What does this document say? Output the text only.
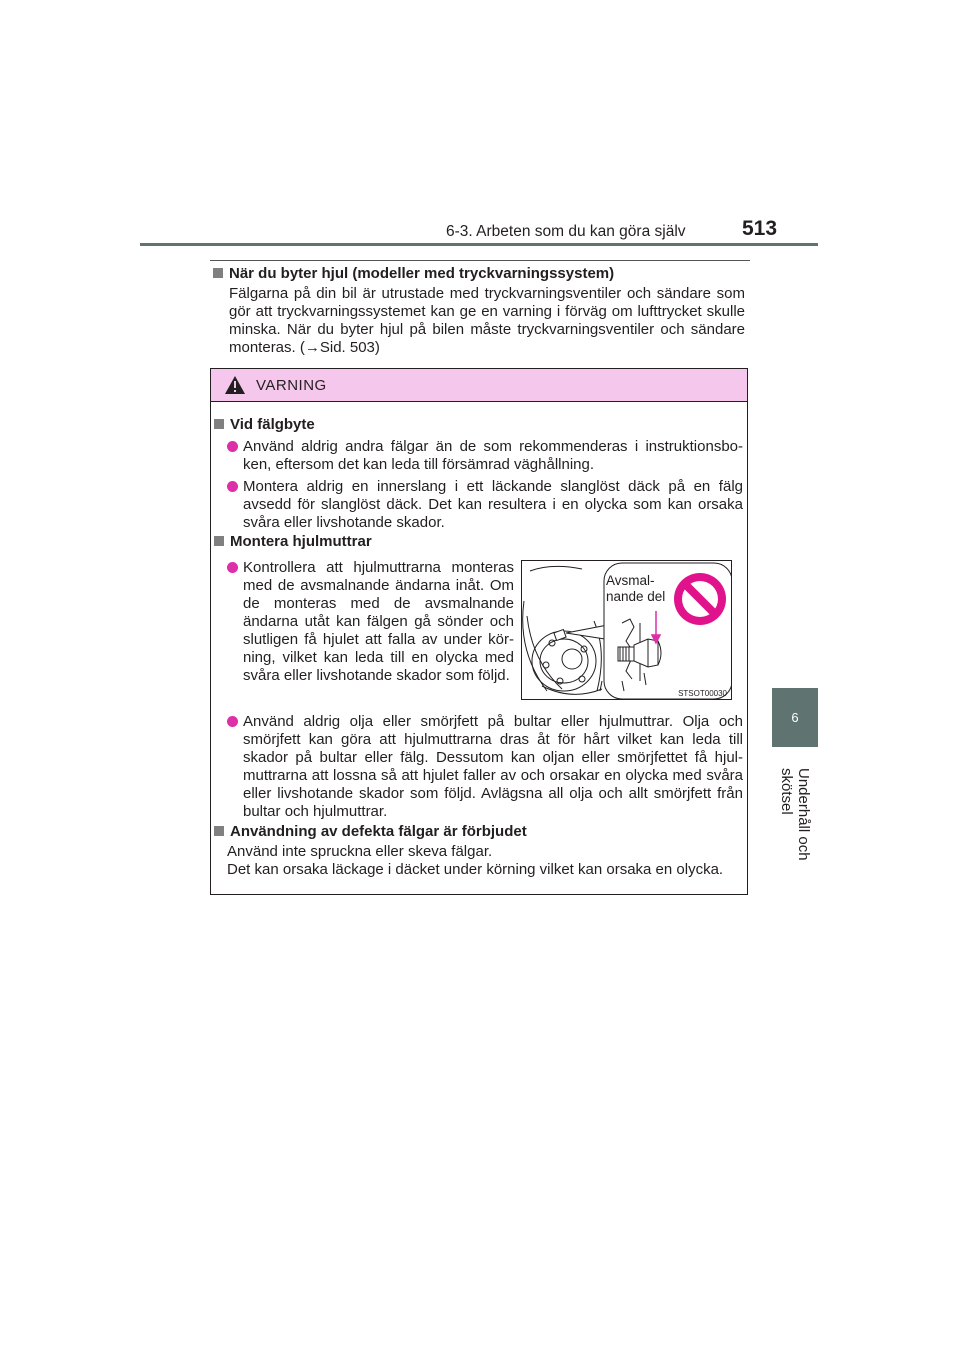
6-3. Arbeten som du kan göra själv	513
6
Underhåll och skötsel
När du byter hjul (modeller med tryckvarningssystem)

Fälgarna på din bil är utrustade med tryckvarningsventiler och sändare som gör att tryckvarningssystemet kan ge en varning i förväg om lufttrycket skulle minska. När du byter hjul på bilen måste tryckvarningsventiler och sändare monteras. (→Sid. 503)

VARNING
Vid fälgbyte
Använd aldrig andra fälgar än de som rekommenderas i instruktionsbo-ken, eftersom det kan leda till försämrad väghållning.
Montera aldrig en innerslang i ett läckande slanglöst däck på en fälg avsedd för slanglöst däck. Det kan resultera i en olycka som kan orsaka svåra eller livshotande skador.
Montera hjulmuttrar
Kontrollera att hjulmuttrarna monteras med de avsmalnande ändarna inåt. Om de monteras med de avsmalnande ändarna utåt kan fälgen gå sönder och slutligen få hjulet att falla av under kör-ning, vilket kan leda till en olycka med svåra eller livshotande skador som följd.
Använd aldrig olja eller smörjfett på bultar eller hjulmuttrar. Olja och smörjfett kan göra att hjulmuttrarna dras åt för hårt vilket kan leda till skador på bultar eller fälg. Dessutom kan oljan eller smörjfettet få hjul-muttrarna att lossna så att hjulet faller av och orsakar en olycka med svåra eller livshotande skador som följd. Avlägsna all olja och allt smörjfett från bultar och hjulmuttrar.
Användning av defekta fälgar är förbjudet
Använd inte spruckna eller skeva fälgar.
Det kan orsaka läckage i däcket under körning vilket kan orsaka en olycka.
Avsmal-
nande del
STSOT00030
